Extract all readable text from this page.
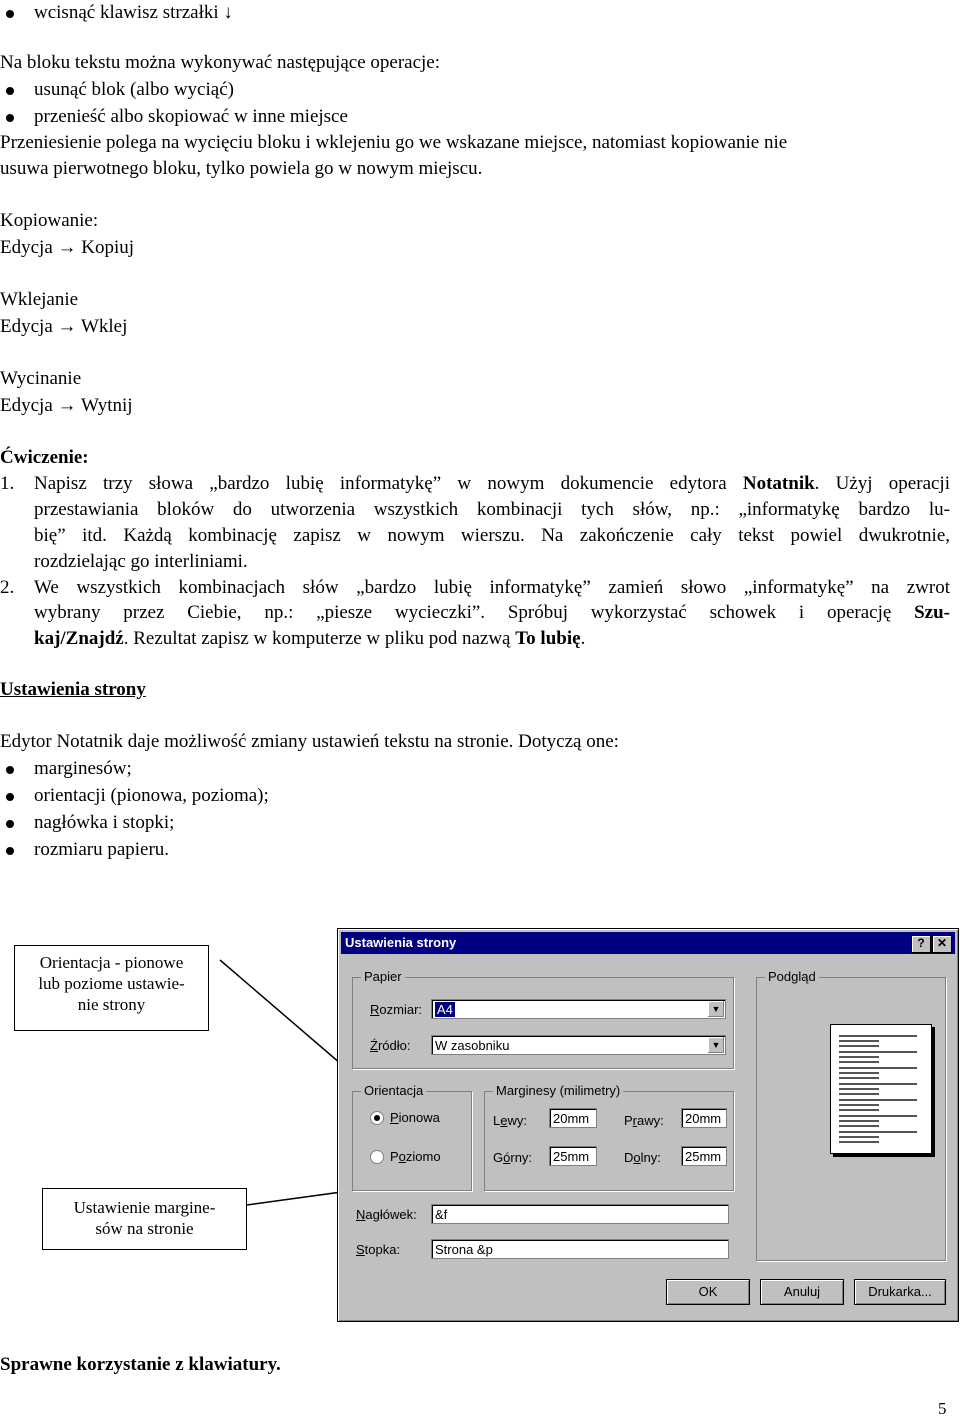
wcisnąć klawisz strzałki ↓
Na bloku tekstu można wykonywać następujące operacje:
usunąć blok (albo wyciąć)
przenieść albo skopiować w inne miejsce
Przeniesienie polega na wycięciu bloku i wklejeniu go we wskazane miejsce, natomiast kopiowanie nie
usuwa pierwotnego bloku, tylko powiela go w nowym miejscu.
Kopiowanie:
Edycja → Kopiuj
Wklejanie
Edycja → Wklej
Wycinanie
Edycja → Wytnij
Ćwiczenie:
1. Napisz trzy słowa „bardzo lubię informatykę” w nowym dokumencie edytora Notatnik. Użyj operacji
przestawiania bloków do utworzenia wszystkich kombinacji tych słów, np.: „informatykę bardzo lu-
bię” itd. Każdą kombinację zapisz w nowym wierszu. Na zakończenie cały tekst powiel dwukrotnie,
rozdzielając go interliniami.
2. We wszystkich kombinacjach słów „bardzo lubię informatykę” zamień słowo „informatykę” na zwrot
wybrany przez Ciebie, np.: „piesze wycieczki”. Spróbuj wykorzystać schowek i operację Szu-
kaj/Znajdź. Rezultat zapisz w komputerze w pliku pod nazwą To lubię.
Ustawienia strony
Edytor Notatnik daje możliwość zmiany ustawień tekstu na stronie. Dotyczą one:
marginesów;
orientacji (pionowa, pozioma);
nagłówka i stopki;
rozmiaru papieru.
Orientacja - pionowe
lub poziome ustawie-
nie strony
Ustawienie margine-
sów na stronie
Ustawienia strony	?	✕
Papier
Rozmiar:	A4	▼
Źródło:	W zasobniku	▼
Podgląd
Orientacja
Pionowa
Poziomo
Marginesy (milimetry)
Lewy:	20mm	Prawy:	20mm
Górny:	25mm	Dolny:	25mm
Nagłówek:	&f
Stopka:	Strona &p
OK	Anuluj	Drukarka...
Sprawne korzystanie z klawiatury.
5
